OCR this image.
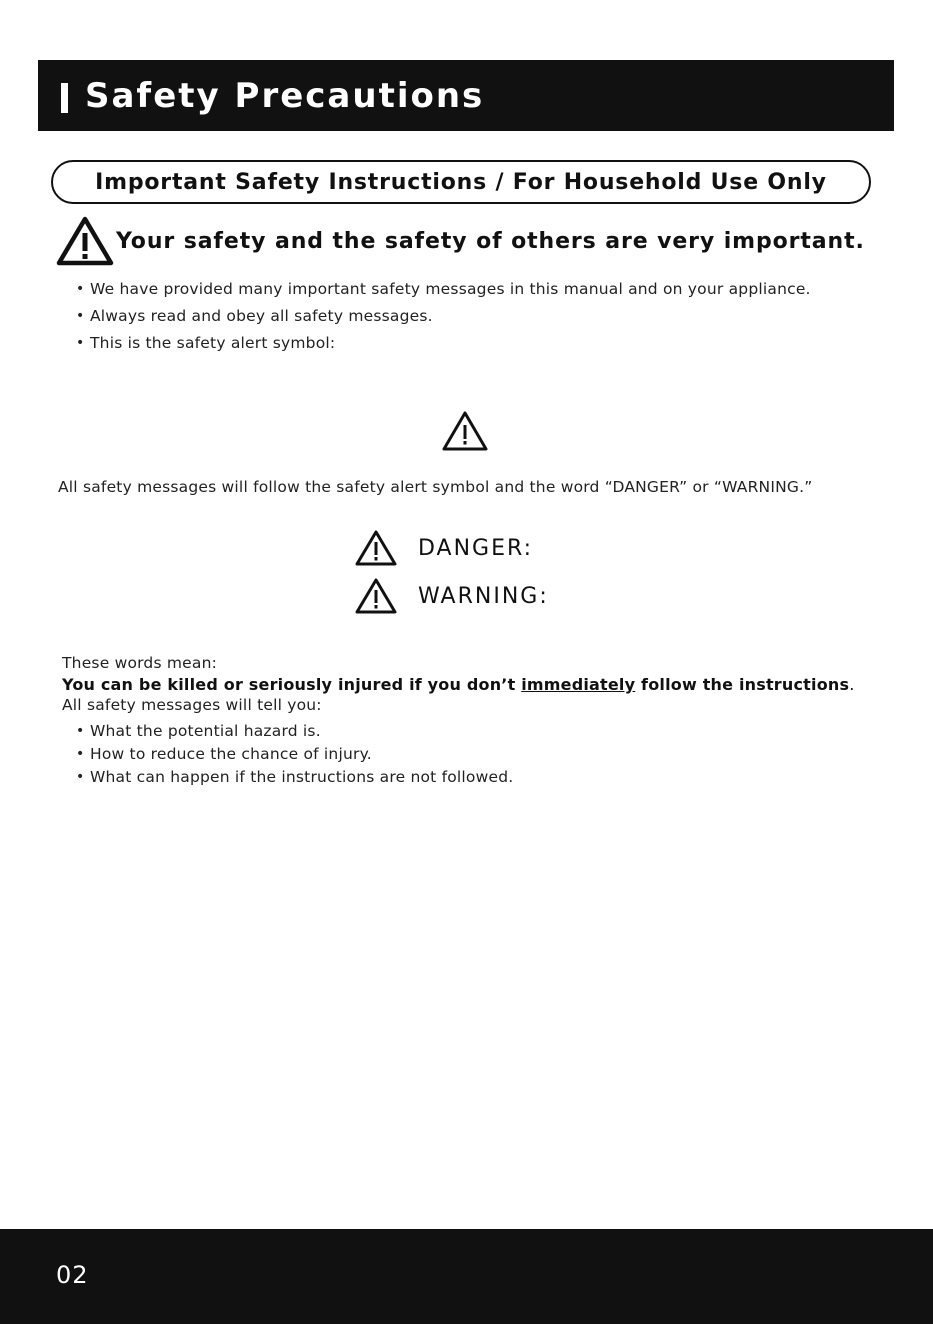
Safety Precautions
Important Safety Instructions / For Household Use Only
Your safety and the safety of others are very important.
• We have provided many important safety messages in this manual and on your appliance.
• Always read and obey all safety messages.
• This is the safety alert symbol:
All safety messages will follow the safety alert symbol and the word “DANGER” or “WARNING.”
DANGER:
WARNING:
These words mean:
You can be killed or seriously injured if you don’t immediately follow the instructions.
All safety messages will tell you:
• What the potential hazard is.
• How to reduce the chance of injury.
• What can happen if the instructions are not followed.
02
